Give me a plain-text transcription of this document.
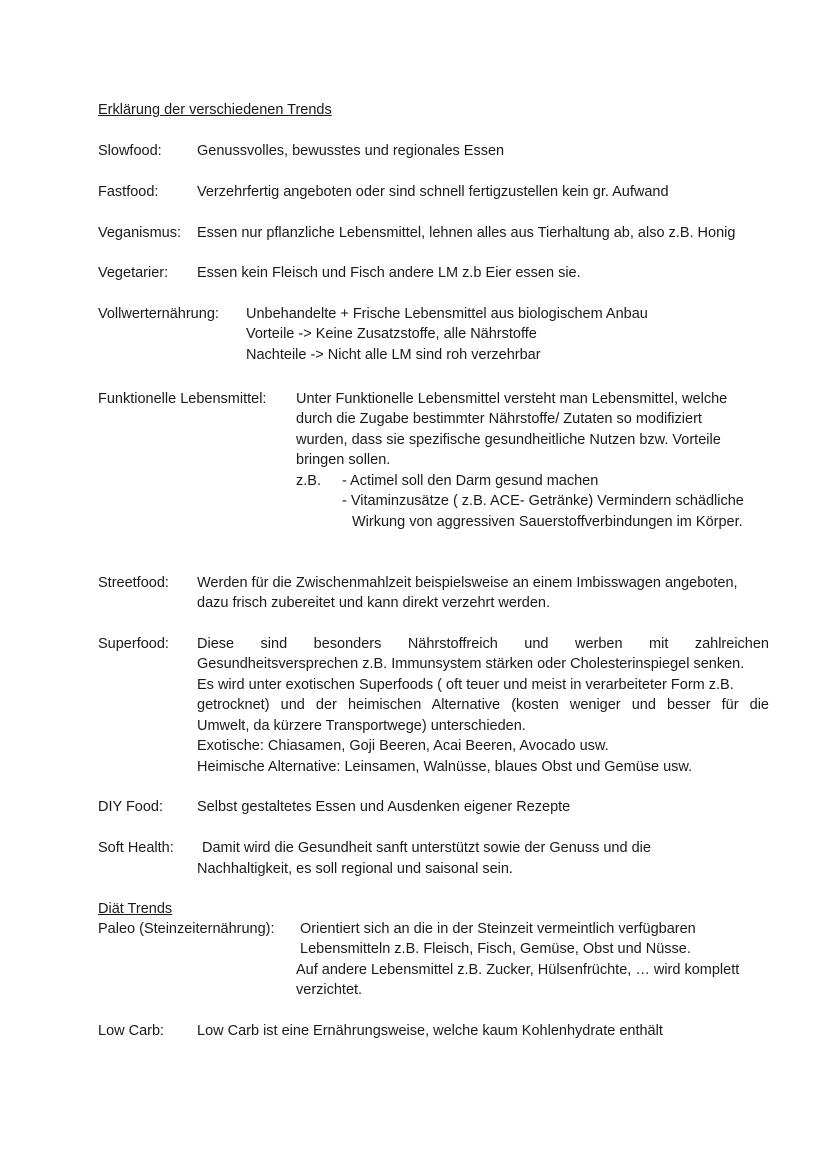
Erklärung der verschiedenen Trends
Slowfood: Genussvolles, bewusstes und regionales Essen
Fastfood:	Verzehrfertig angeboten oder sind schnell fertigzustellen kein gr. Aufwand
Veganismus: Essen nur pflanzliche Lebensmittel, lehnen alles aus Tierhaltung ab, also z.B. Honig
Vegetarier: Essen kein Fleisch und Fisch andere LM z.b Eier essen sie.
Vollwerternährung: Unbehandelte + Frische Lebensmittel aus biologischem Anbau
Vorteile -> Keine Zusatzstoffe, alle Nährstoffe
Nachteile -> Nicht alle LM sind roh verzehrbar
Funktionelle Lebensmittel: Unter Funktionelle Lebensmittel versteht man Lebensmittel, welche
durch die Zugabe bestimmter Nährstoffe/ Zutaten so modifiziert
wurden, dass sie spezifische gesundheitliche Nutzen bzw. Vorteile
bringen sollen.
z.B. - Actimel soll den Darm gesund machen
- Vitaminzusätze ( z.B. ACE- Getränke) Vermindern schädliche
Wirkung von aggressiven Sauerstoffverbindungen im Körper.
Streetfood: Werden für die Zwischenmahlzeit beispielsweise an einem Imbisswagen angeboten,
dazu frisch zubereitet und kann direkt verzehrt werden.
Superfood: Diese sind besonders Nährstoffreich und werben mit zahlreichen
Gesundheitsversprechen z.B. Immunsystem stärken oder Cholesterinspiegel senken.
Es wird unter exotischen Superfoods ( oft teuer und meist in verarbeiteter Form z.B.
getrocknet) und der heimischen Alternative (kosten weniger und besser für die
Umwelt, da kürzere Transportwege) unterschieden.
Exotische: Chiasamen, Goji Beeren, Acai Beeren, Avocado usw.
Heimische Alternative: Leinsamen, Walnüsse, blaues Obst und Gemüse usw.
DIY Food: Selbst gestaltetes Essen und Ausdenken eigener Rezepte
Soft Health: Damit wird die Gesundheit sanft unterstützt sowie der Genuss und die
Nachhaltigkeit, es soll regional und saisonal sein.
Diät Trends
Paleo (Steinzeiternährung): Orientiert sich an die in der Steinzeit vermeintlich verfügbaren
Lebensmitteln z.B. Fleisch, Fisch, Gemüse, Obst und Nüsse.
Auf andere Lebensmittel z.B. Zucker, Hülsenfrüchte, … wird komplett
verzichtet.
Low Carb: Low Carb ist eine Ernährungsweise, welche kaum Kohlenhydrate enthält
